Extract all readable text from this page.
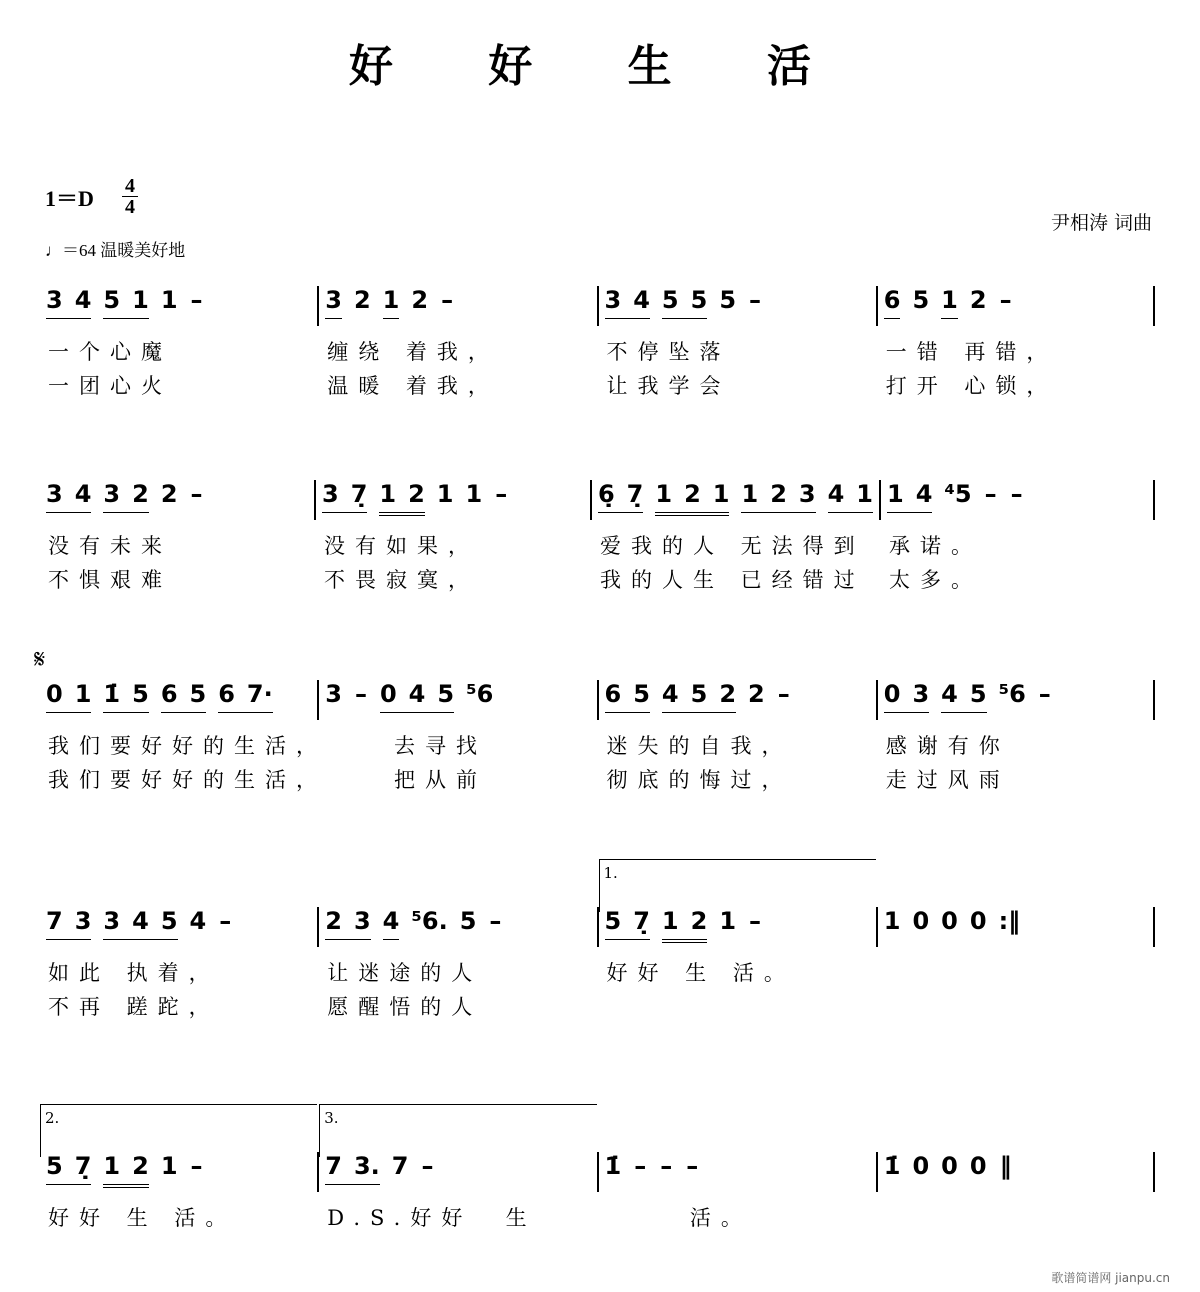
好 好 生 活
1＝D 4
4
♩＝64 温暖美好地
尹相涛 词曲
𝄋
3 4 5 1 1 –
一个心魔
一团心火
3 2 1 2 –
缠绕 着我，
温暖 着我，
3 4 5 5 5 –
不停坠落
让我学会
6 5 1 2 –
一错 再错，
打开 心锁，
3 4 3 2 2 –
没有未来
不惧艰难
3 7̣ 1 2 1 1 –
没有如果，
不畏寂寞，
6̣ 7̣ 1 2 1 1 2 3 4 1
爱我的人 无法得到
我的人生 已经错过
1 4 ⁴5 – –
承诺。
太多。
0 1 1̇ 5 6 5 6 7·
我们要好好的生活，
我们要好好的生活，
3 – 0 4 5 ⁵6
去寻找
把从前
6 5 4 5 2 2 –
迷失的自我，
彻底的悔过，
0 3 4 5 ⁵6 –
感谢有你
走过风雨
7 3 3 4 5 4 –
如此 执着，
不再 蹉跎，
2 3 4 ⁵6. 5 –
让迷途的人
愿醒悟的人
1.
5 7̣ 1 2 1 –
好好 生 活。
1 0 0 0 :‖
2.
5 7̣ 1 2 1 –
好好 生 活。
3.
7 3. 7 –
D.S.好好  生
1̇ – – –
活。
1̇ 0 0 0 ‖
歌谱简谱网 jianpu.cn
